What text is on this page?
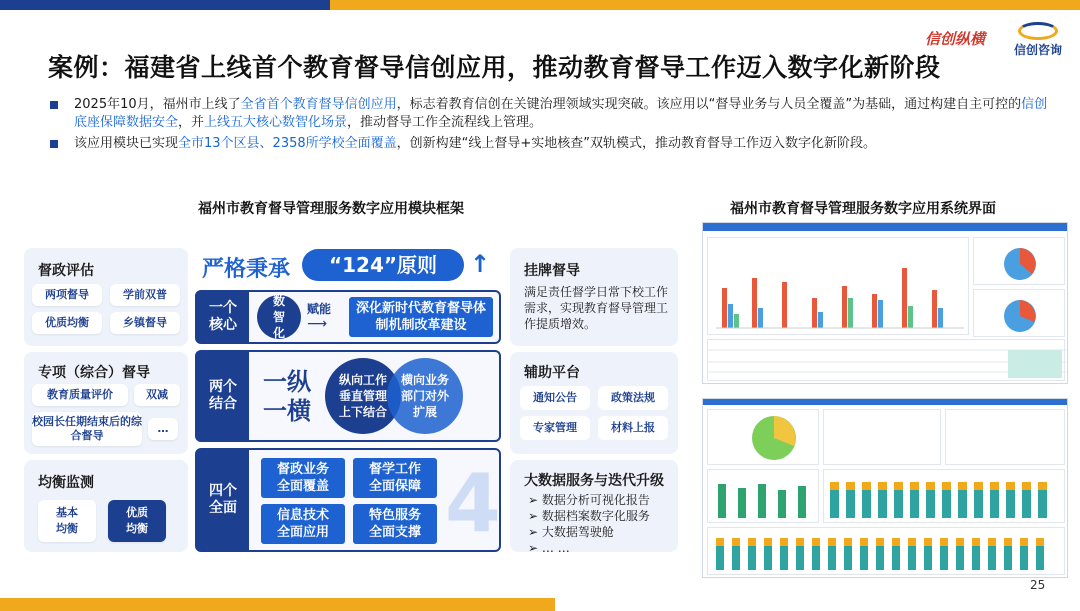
信创纵横
信创咨询
案例：福建省上线首个教育督导信创应用，推动教育督导工作迈入数字化新阶段
2025年10月，福州市上线了全省首个教育督导信创应用，标志着教育信创在关键治理领域实现突破。该应用以“督导业务与人员全覆盖”为基础，通过构建自主可控的信创底座保障数据安全，并上线五大核心数智化场景，推动督导工作全流程线上管理。
该应用模块已实现全市13个区县、2358所学校全面覆盖，创新构建“线上督导+实地核查”双轨模式，推动教育督导工作迈入数字化新阶段。
福州市教育督导管理服务数字应用模块框架	福州市教育督导管理服务数字应用系统界面
督政评估
两项督导	学前双普
优质均衡	乡镇督导
专项（综合）督导
教育质量评价	双减
校园长任期结束后的综合督导
…
均衡监测
基本均衡
优质均衡
严格秉承	“124”原则	↑
一个核心
数智化
赋能
⟶
深化新时代教育督导体制机制改革建设
两个结合
一纵一横
纵向工作垂直管理上下结合
横向业务部门对外扩展
四个全面	4
督政业务全面覆盖
督学工作全面保障
信息技术全面应用
特色服务全面支撑
挂牌督导
满足责任督学日常下校工作需求，实现教育督导管理工作提质增效。
辅助平台
通知公告	政策法规
专家管理	材料上报
大数据服务与迭代升级
➢ 数据分析可视化报告
➢ 数据档案数字化服务
➢ 大数据驾驶舱
➢ … …
25
